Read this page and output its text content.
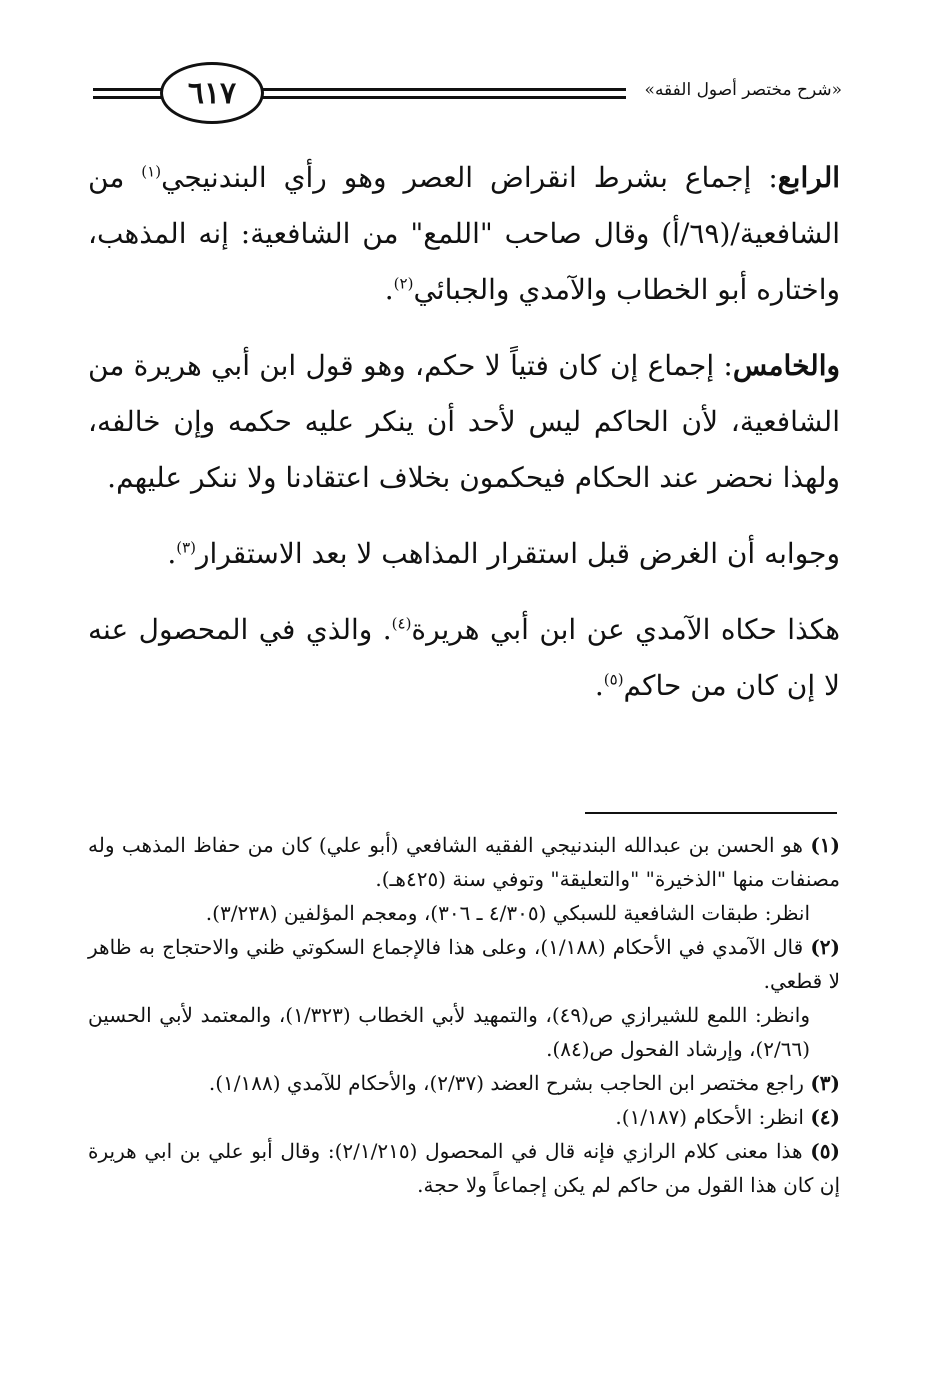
٦١٧	«شرح مختصر أصول الفقه»

الرابع: إجماع بشرط انقراض العصر وهو رأي البندنيجي$^{(١)}$ من الشافعية/(٦٩/أ) وقال صاحب "اللمع" من الشافعية: إنه المذهب، واختاره أبو الخطاب والآمدي والجبائي$^{(٢)}$.

والخامس: إجماع إن كان فتياً لا حكم، وهو قول ابن أبي هريرة من الشافعية، لأن الحاكم ليس لأحد أن ينكر عليه حكمه وإن خالفه، ولهذا نحضر عند الحكام فيحكمون بخلاف اعتقادنا ولا ننكر عليهم.

وجوابه أن الغرض قبل استقرار المذاهب لا بعد الاستقرار$^{(٣)}$.

هكذا حكاه الآمدي عن ابن أبي هريرة$^{(٤)}$. والذي في المحصول عنه لا إن كان من حاكم$^{(٥)}$.

(١) هو الحسن بن عبدالله البندنيجي الفقيه الشافعي (أبو علي) كان من حفاظ المذهب وله مصنفات منها "الذخيرة" "والتعليقة" وتوفي سنة (٤٢٥هـ).

انظر: طبقات الشافعية للسبكي (٤/٣٠٥ ـ ٣٠٦)، ومعجم المؤلفين (٣/٢٣٨).

(٢) قال الآمدي في الأحكام (١/١٨٨)، وعلى هذا فالإجماع السكوتي ظني والاحتجاج به ظاهر لا قطعي.

وانظر: اللمع للشيرازي ص(٤٩)، والتمهيد لأبي الخطاب (١/٣٢٣)، والمعتمد لأبي الحسين (٢/٦٦)، وإرشاد الفحول ص(٨٤).

(٣) راجع مختصر ابن الحاجب بشرح العضد (٢/٣٧)، والأحكام للآمدي (١/١٨٨).

(٤) انظر: الأحكام (١/١٨٧).

(٥) هذا معنى كلام الرازي فإنه قال في المحصول (٢/١/٢١٥): وقال أبو علي بن ابي هريرة إن كان هذا القول من حاكم لم يكن إجماعاً ولا حجة.
